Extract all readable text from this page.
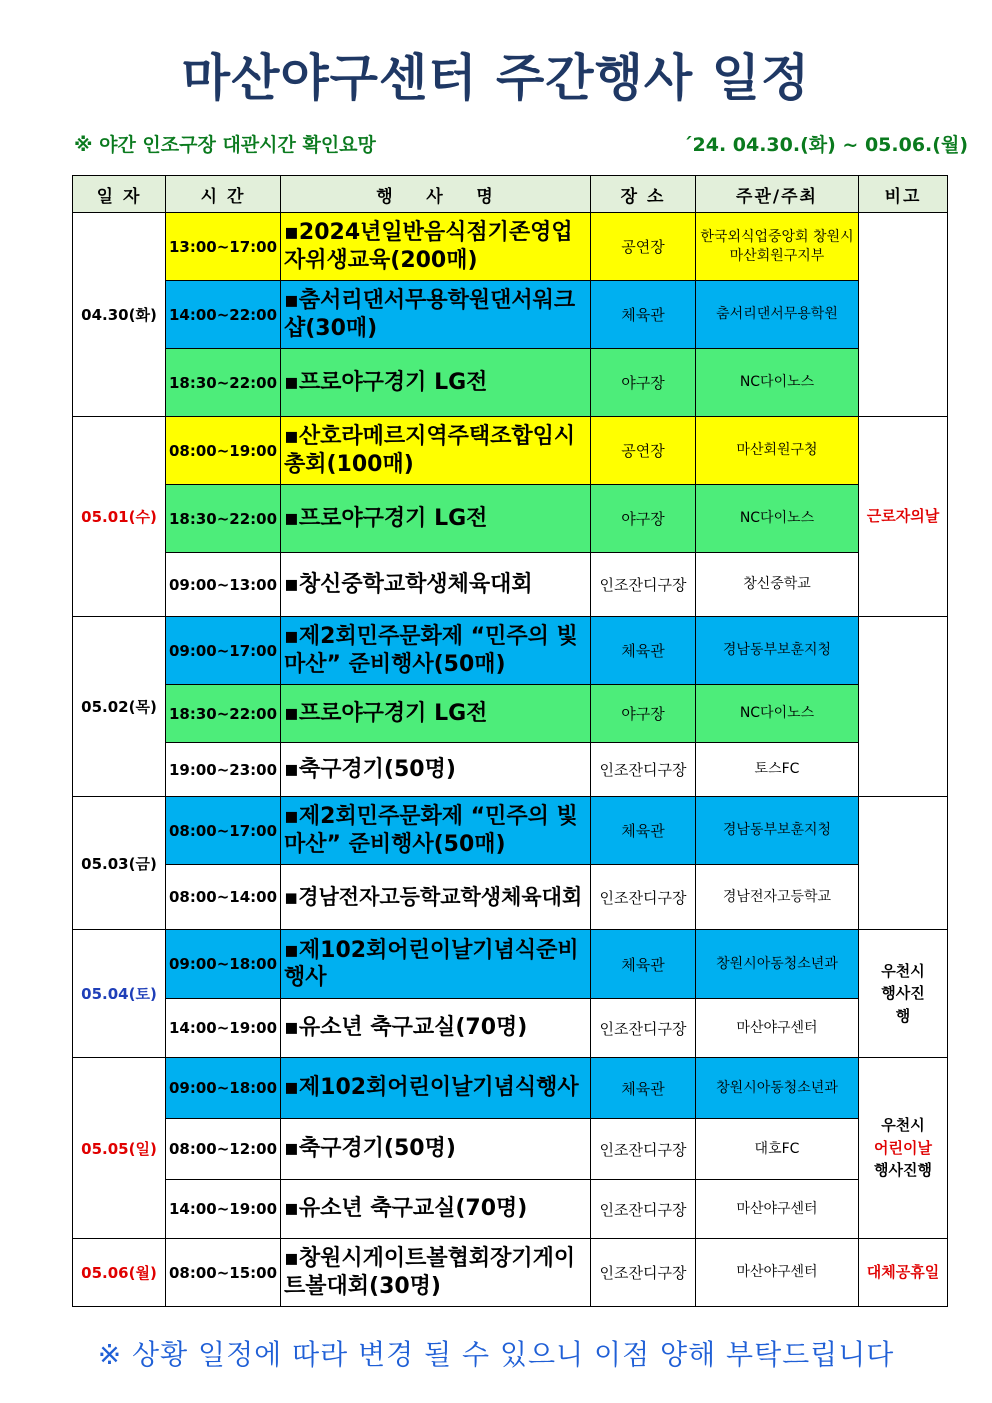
마산야구센터 주간행사 일정
※ 야간 인조구장 대관시간 확인요망	´24. 04.30.(화) ~ 05.06.(월)
일 자	시 간	행    사    명	장 소	주관/주최	비고
04.30(화)	13:00~17:00	▪2024년일반음식점기존영업자위생교육(200매)	공연장	한국외식업중앙회 창원시마산회원구지부	
	14:00~22:00	▪춤서리댄서무용학원댄서워크샵(30매)	체육관	춤서리댄서무용학원	
	18:30~22:00	▪프로야구경기 LG전	야구장	NC다이노스	
05.01(수)	08:00~19:00	▪산호라메르지역주택조합임시총회(100매)	공연장	마산회원구청	근로자의날
	18:30~22:00	▪프로야구경기 LG전	야구장	NC다이노스	
	09:00~13:00	▪창신중학교학생체육대회	인조잔디구장	창신중학교	
05.02(목)	09:00~17:00	▪제2회민주문화제 “민주의 빛 마산” 준비행사(50매)	체육관	경남동부보훈지청	
	18:30~22:00	▪프로야구경기 LG전	야구장	NC다이노스	
	19:00~23:00	▪축구경기(50명)	인조잔디구장	토스FC	
05.03(금)	08:00~17:00	▪제2회민주문화제 “민주의 빛 마산” 준비행사(50매)	체육관	경남동부보훈지청	
	08:00~14:00	▪경남전자고등학교학생체육대회	인조잔디구장	경남전자고등학교	
05.04(토)	09:00~18:00	▪제102회어린이날기념식준비행사	체육관	창원시아동청소년과	우천시 행사진행
	14:00~19:00	▪유소년 축구교실(70명)	인조잔디구장	마산야구센터	
05.05(일)	09:00~18:00	▪제102회어린이날기념식행사	체육관	창원시아동청소년과	우천시
어린이날
행사진행

	08:00~12:00	▪축구경기(50명)	인조잔디구장	대호FC	
	14:00~19:00	▪유소년 축구교실(70명)	인조잔디구장	마산야구센터	
05.06(월)	08:00~15:00	▪창원시게이트볼협회장기게이트볼대회(30명)	인조잔디구장	마산야구센터	대체공휴일
※ 상황 일정에 따라 변경 될 수 있으니 이점 양해 부탁드립니다
